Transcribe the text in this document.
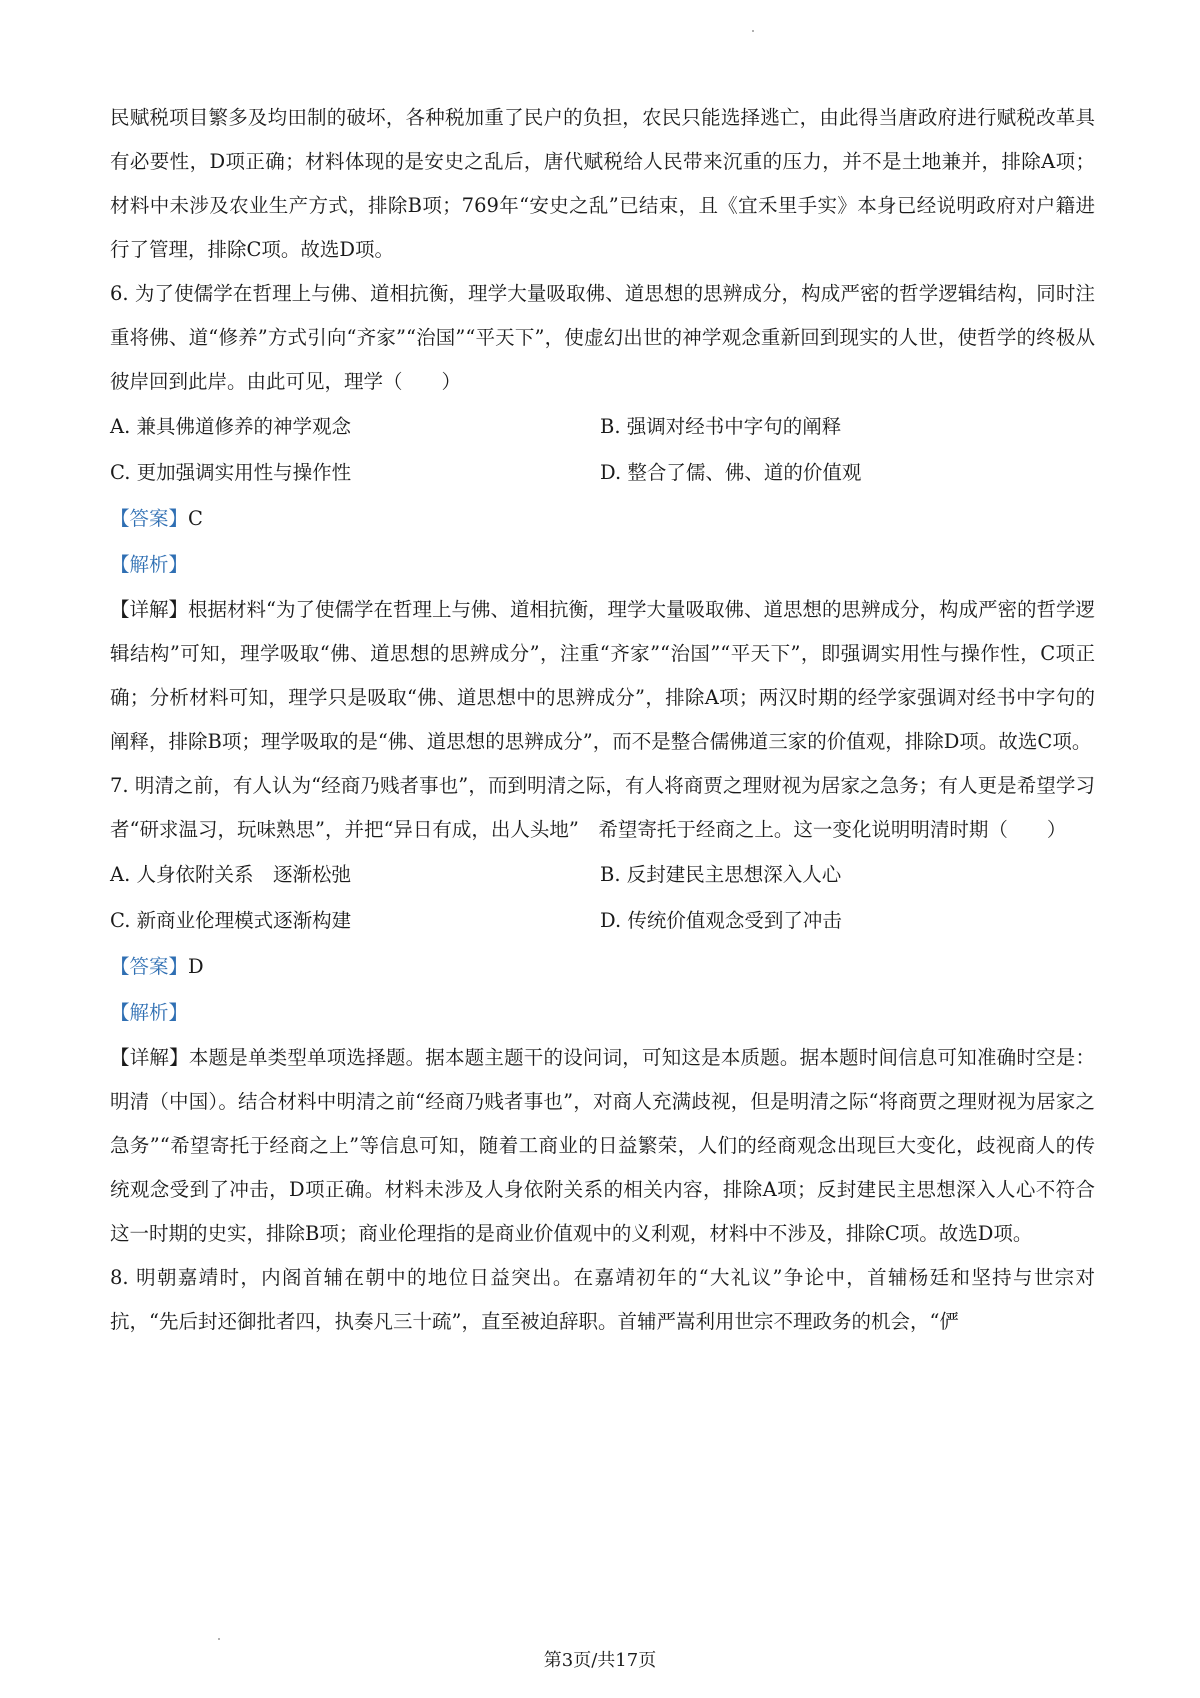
民赋税项目繁多及均田制的破坏，各种税加重了民户的负担，农民只能选择逃亡，由此得当唐政府进行赋税改革具有必要性，D项正确；材料体现的是安史之乱后，唐代赋税给人民带来沉重的压力，并不是土地兼并，排除A项；材料中未涉及农业生产方式，排除B项；769年“安史之乱”已结束，且《宜禾里手实》本身已经说明政府对户籍进行了管理，排除C项。故选D项。

6. 为了使儒学在哲理上与佛、道相抗衡，理学大量吸取佛、道思想的思辨成分，构成严密的哲学逻辑结构，同时注重将佛、道“修养”方式引向“齐家”“治国”“平天下”，使虚幻出世的神学观念重新回到现实的人世，使哲学的终极从彼岸回到此岸。由此可见，理学（　　）

A. 兼具佛道修养的神学观念	B. 强调对经书中字句的阐释
C. 更加强调实用性与操作性	D. 整合了儒、佛、道的价值观
【答案】C
【解析】

【详解】根据材料“为了使儒学在哲理上与佛、道相抗衡，理学大量吸取佛、道思想的思辨成分，构成严密的哲学逻辑结构”可知，理学吸取“佛、道思想的思辨成分”，注重“齐家”“治国”“平天下”，即强调实用性与操作性，C项正确；分析材料可知，理学只是吸取“佛、道思想中的思辨成分”，排除A项；两汉时期的经学家强调对经书中字句的阐释，排除B项；理学吸取的是“佛、道思想的思辨成分”，而不是整合儒佛道三家的价值观，排除D项。故选C项。

7. 明清之前，有人认为“经商乃贱者事也”，而到明清之际，有人将商贾之理财视为居家之急务；有人更是希望学习者“研求温习，玩味熟思”，并把“异日有成，出人头地”　希望寄托于经商之上。这一变化说明明清时期（　　）

A. 人身依附关系　逐渐松弛	B. 反封建民主思想深入人心
C. 新商业伦理模式逐渐构建	D. 传统价值观念受到了冲击
【答案】D
【解析】

【详解】本题是单类型单项选择题。据本题主题干的设问词，可知这是本质题。据本题时间信息可知准确时空是：明清（中国）。结合材料中明清之前“经商乃贱者事也”，对商人充满歧视，但是明清之际“将商贾之理财视为居家之急务”“希望寄托于经商之上”等信息可知，随着工商业的日益繁荣，人们的经商观念出现巨大变化，歧视商人的传统观念受到了冲击，D项正确。材料未涉及人身依附关系的相关内容，排除A项；反封建民主思想深入人心不符合这一时期的史实，排除B项；商业伦理指的是商业价值观中的义利观，材料中不涉及，排除C项。故选D项。

8. 明朝嘉靖时，内阁首辅在朝中的地位日益突出。在嘉靖初年的“大礼议”争论中，首辅杨廷和坚持与世宗对抗，“先后封还御批者四，执奏凡三十疏”，直至被迫辞职。首辅严嵩利用世宗不理政务的机会，“俨

第3页/共17页
